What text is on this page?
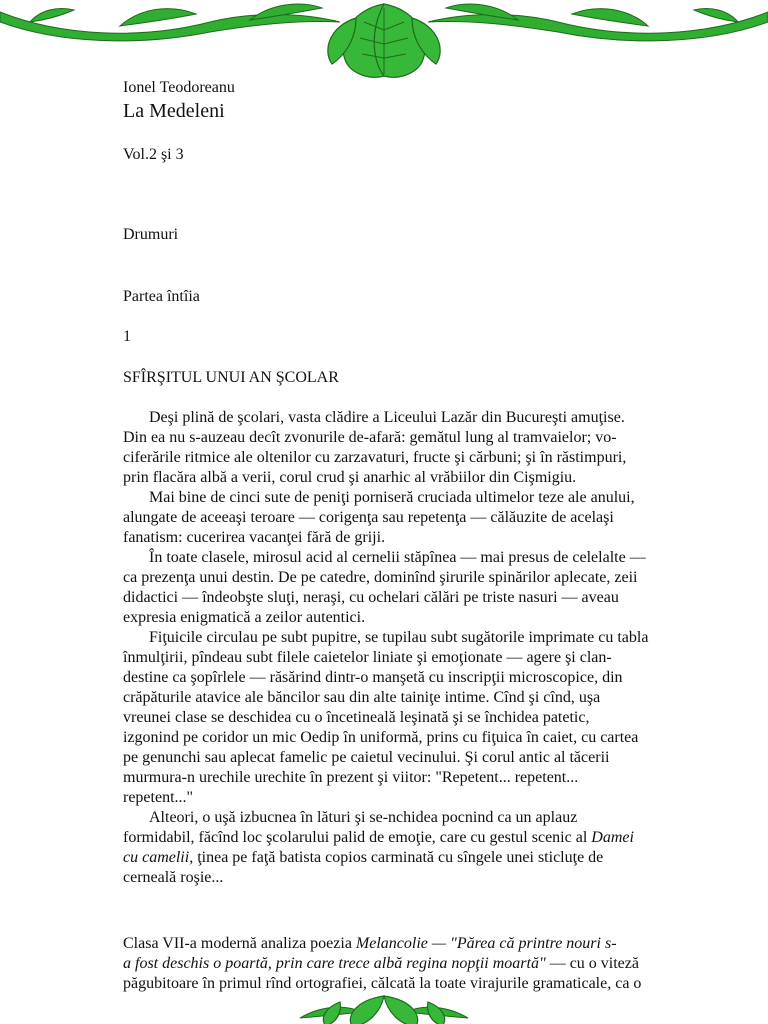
Ionel Teodoreanu
La Medeleni
Vol.2 şi 3
Drumuri
Partea întîia
1
SFÎRŞITUL UNUI AN ŞCOLAR
Deşi plină de şcolari, vasta clădire a Liceului Lazăr din Bucureşti amuţise.
Din ea nu s-auzeau decît zvonurile de-afară: gemătul lung al tramvaielor; vo-
ciferările ritmice ale oltenilor cu zarzavaturi, fructe şi cărbuni; şi în răstimpuri,
prin flacăra albă a verii, corul crud şi anarhic al vrăbiilor din Cişmigiu.
Mai bine de cinci sute de peniţi porniseră cruciada ultimelor teze ale anului,
alungate de aceeaşi teroare — corigenţa sau repetenţa — călăuzite de acelaşi
fanatism: cucerirea vacanţei fără de griji.
În toate clasele, mirosul acid al cernelii stăpînea — mai presus de celelalte —
ca prezenţa unui destin. De pe catedre, dominînd şirurile spinărilor aplecate, zeii
didactici — îndeobşte sluţi, neraşi, cu ochelari călări pe triste nasuri — aveau
expresia enigmatică a zeilor autentici.
Fiţuicile circulau pe subt pupitre, se tupilau subt sugătorile imprimate cu tabla
înmulţirii, pîndeau subt filele caietelor liniate şi emoţionate — agere şi clan-
destine ca şopîrlele — răsărind dintr-o manşetă cu inscripţii microscopice, din
crăpăturile atavice ale băncilor sau din alte tainiţe intime. Cînd şi cînd, uşa
vreunei clase se deschidea cu o încetineală leşinată şi se închidea patetic,
izgonind pe coridor un mic Oedip în uniformă, prins cu fiţuica în caiet, cu cartea
pe genunchi sau aplecat famelic pe caietul vecinului. Şi corul antic al tăcerii
murmura-n urechile urechite în prezent şi viitor: "Repetent... repetent...
repetent..."
Alteori, o uşă izbucnea în lături şi se-nchidea pocnind ca un aplauz
formidabil, făcînd loc şcolarului palid de emoţie, care cu gestul scenic al Damei
cu camelii, ţinea pe faţă batista copios carminată cu sîngele unei sticluţe de
cerneală roşie...
Clasa VII-a modernă analiza poezia Melancolie — "Părea că printre nouri s-
a fost deschis o poartă, prin care trece albă regina nopţii moartă" — cu o viteză
păgubitoare în primul rînd ortografiei, călcată la toate virajurile gramaticale, ca o
